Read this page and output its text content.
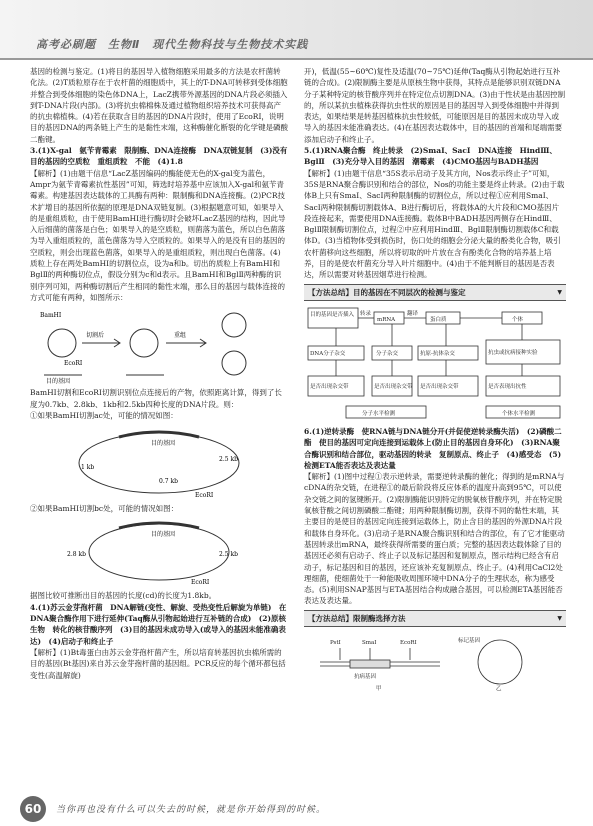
高考必刷题　生物Ⅱ　现代生物科技与生物技术实践

基因的检测与鉴定。(1)将目的基因导入植物细胞采用最多的方法是农杆菌转化法。(2)T质粒原存在于农杆菌的细胞质中，其上的T-DNA可转移到受体细胞并整合到受体细胞的染色体DNA上，LacZ携带外源基因的DNA片段必须插入到T-DNA片段(内部)。(3)将抗虫棉棉株及通过植物组织培养技术可获得高产的抗虫棉植株。(4)若在获取含目的基因的DNA片段时，使用了EcoRⅠ，说明目的基因DNA的两条链上产生的是黏性末端，这种酶催化断裂的化学键是磷酸二酯键。

3.(1)X-gal　氨苄青霉素　限制酶、DNA连接酶　DNA双链复制　(3)没有目的基因的空质粒　重组质粒　不能　(4)1.8

【解析】(1)由题干信息“LacZ基因编码的酶能使无色的X-gal变为蓝色，Ampr为氨苄青霉素抗性基因”可知，筛选时培养基中应该加入X-gal和氨苄青霉素。构建基因表达载体的工具酶有两种：限制酶和DNA连接酶。(2)PCR技术扩增目的基因所依据的原理是DNA双链复制。(3)根据题意可知，如果导入的是重组质粒，由于使用BamHⅠ进行酶切时会破坏LacZ基因的结构，因此导入后细菌的菌落是白色；如果导入的是空质粒，则菌落为蓝色，所以白色菌落为导入重组质粒的，蓝色菌落为导入空质粒的。如果导入的是没有目的基因的空质粒，则会出现蓝色菌落，如果导入的是重组质粒，则出现白色菌落。(4)质粒上存在两处BamHⅠ的切割位点，设为a和b。切出的质粒上有BamHⅠ和BglⅡ的两种酶切位点，假设分别为c和d表示。且BamHⅠ和BglⅡ两种酶的识别序列可知，两种酶切割后产生相同的黏性末端，那么目的基因与载体连接的方式可能有两种，如图所示：

BamHⅠ
切割后	重组
EcoRⅠ
目的基因

BamHⅠ切割和EcoRⅠ切割识别位点连接后的产物，依照距离计算，得到了长度为0.7kb、2.8kb、1kb和2.5kb四种长度的DNA片段。则：

①如果BamHⅠ切割ac处，可能的情况如图：

目的基因
2.5 kb
1 kb
0.7 kb
EcoRⅠ

②如果BamHⅠ切割bc处，可能的情况如图：

目的基因
2.8 kb	2.5 kb
EcoRⅠ

据图比较可推断出目的基因的长度(cd)的长度为1.8kb。

4.(1)苏云金芽孢杆菌　DNA解链(变性、解旋、受热变性后解旋为单链)　在DNA聚合酶作用下进行延伸(Taq酶从引物起始进行互补链的合成)　(2)原核生物　转化的核苷酸序列　(3)目的基因未成功导入(或导入的基因未能准确表达)　(4)启动子和终止子

【解析】(1)Bt毒蛋白由苏云金芽孢杆菌产生，所以培育转基因抗虫棉所需的目的基因(Bt基因)来自苏云金芽孢杆菌的基因组。PCR反应的每个循环都包括变性(高温解旋)

开)，低温(55~60℃)复性及适温(70~75℃)延伸(Taq酶从引物起始进行互补链的合成)。(2)限制酶主要是从原核生物中获得，其特点是能够识别双链DNA分子某种特定的核苷酸序列并在特定位点切割DNA。(3)由于性状是由基因控制的，所以某抗虫植株获得抗虫性状的原因是目的基因导入到受体细胞中并得到表达，如果结果是转基因植株抗虫性较低，可能原因是目的基因未成功导入或导入的基因未能准确表达。(4)在基因表达载体中，目的基因的首端和尾端需要添加启动子和终止子。

5.(1)RNA聚合酶　终止转录　(2)SmaⅠ、SacⅠ　DNA连接　HindⅢ、BglⅡ　(3)充分导入目的基因　潮霉素　(4)CMO基因与BADH基因

【解析】(1)由题干信息“35S表示启动子及其方向，Nos表示终止子”可知，35S是RNA聚合酶识别和结合的部位，Nos的功能主要是终止转录。(2)由于载体B上只有SmaⅠ、SacⅠ两种限制酶的切割位点，所以过程①应利用SmaⅠ、SacⅠ两种限制酶切割载体A、B进行酶切后，将载体A的大片段和CMO基因片段连接起来，需要使用DNA连接酶。载体B中BADH基因两侧存在HindⅢ、BglⅡ限制酶切割位点，过程②中应利用HindⅢ、BglⅡ限制酶切割载体C和载体D。(3)当植物体受到损伤时，伤口处的细胞会分泌大量的酚类化合物，吸引农杆菌移向这些细胞，所以将切取的叶片放在含有酚类化合物的培养基上培养，目的是使农杆菌充分导入叶片细胞中。(4)由于不能判断目的基因是否表达，所以需要对转基因烟草进行检测。

【方法总结】目的基因在不同层次的检测与鉴定	▼
目的基因是否插入
mRNA	蛋白质	个体
转录	翻译
DNA分子杂交	分子杂交	抗原-抗体杂交	抗虫或抗病接种实验
是否出现杂交带	是否出现杂交带 是否出现杂交带	是否表现出抗性
分子水平检测	个体水平检测

6.(1)逆转录酶　使RNA链与DNA链分开(并促使逆转录酶失活)　(2)磷酸二酯　使目的基因可定向连接到运载体上(防止目的基因自身环化)　(3)RNA聚合酶识别和结合部位，驱动基因的转录　复制原点、终止子　(4)感受态　(5)检测ETA能否表达及表达量

【解析】(1)图中过程①表示逆转录，需要逆转录酶的催化；得到的是mRNA与cDNA的杂交链，在进程①的最后阶段将反应体系的温度升高到95℃，可以使杂交链之间的氢键断开。(2)限制酶能识别特定的脱氧核苷酸序列，并在特定脱氧核苷酸之间切割磷酸二酯键；用两种限制酶切割，获得不同的黏性末端，其主要目的是使目的基因定向连接到运载体上，防止含目的基因的外源DNA片段和载体自身环化。(3)启动子是RNA聚合酶识别和结合的部位，有了它才能驱动基因转录出mRNA，最终获得所需要的蛋白质；完整的基因表达载体除了目的基因还必须有启动子、终止子以及标记基因和复制原点，图示结构已经含有启动子，标记基因和目的基因，还应该补充复制原点、终止子。(4)利用CaCl2处理细菌，使细菌处于一种能吸收周围环境中DNA分子的生理状态，称为感受态。(5)利用SNAP基因与ETA基因结合构成融合基因，可以检测ETA基因能否表达及表达量。

【方法总结】限制酶选择方法	▼
PstⅠ	SmaⅠ	EcoRⅠ
抗病基因
标记基因
甲	乙
60	当你再也没有什么可以失去的时候，就是你开始得到的时候。
